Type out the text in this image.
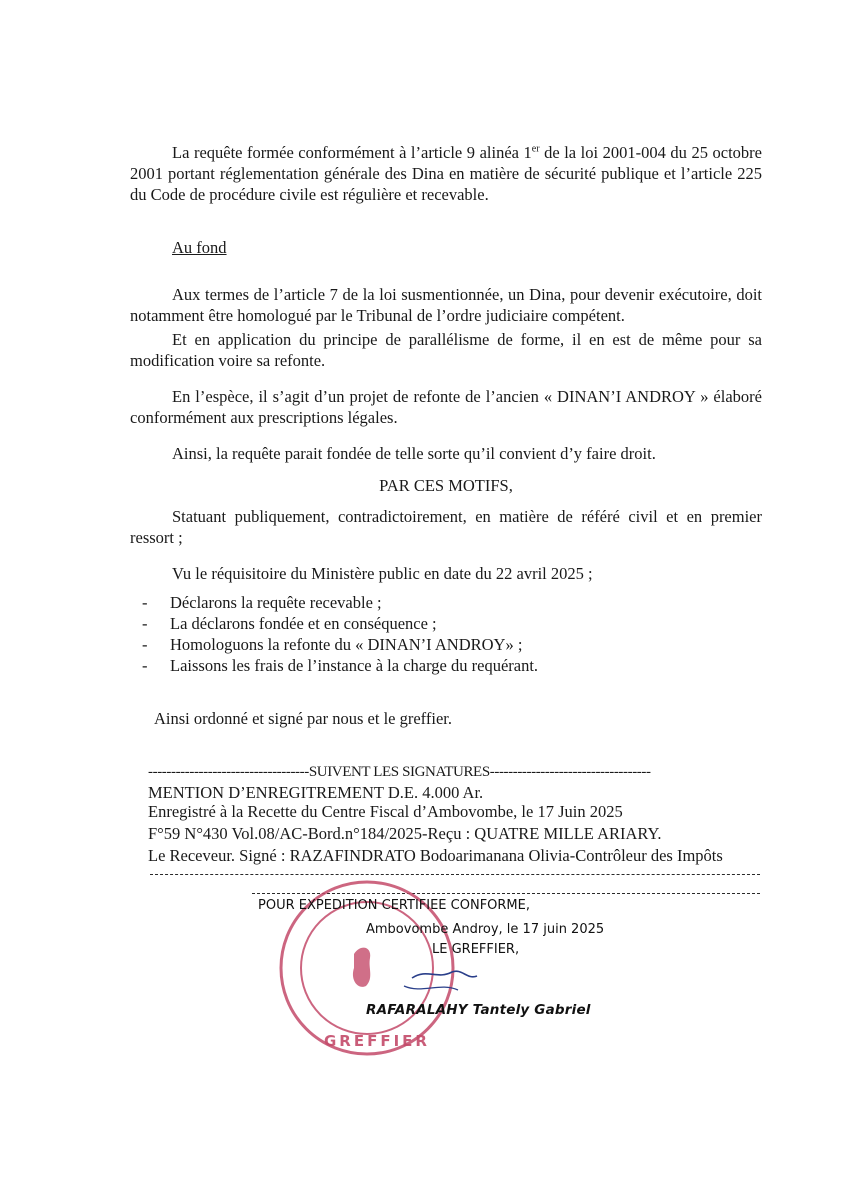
La requête formée conformément à l’article 9 alinéa 1er de la loi 2001-004 du 25 octobre 2001 portant réglementation générale des Dina en matière de sécurité publique et l’article 225 du Code de procédure civile est régulière et recevable.

Au fond

Aux termes de l’article 7 de la loi susmentionnée, un Dina, pour devenir exécutoire, doit notamment être homologué par le Tribunal de l’ordre judiciaire compétent.

Et en application du principe de parallélisme de forme, il en est de même pour sa modification voire sa refonte.

En l’espèce, il s’agit d’un projet de refonte de l’ancien « DINAN’I ANDROY » élaboré conformément aux prescriptions légales.

Ainsi, la requête parait fondée de telle sorte qu’il convient d’y faire droit.

PAR CES MOTIFS,

Statuant publiquement, contradictoirement, en matière de référé civil et en premier ressort ;

Vu le réquisitoire du Ministère public en date du 22 avril 2025 ;

- Déclarons la requête recevable ;
- La déclarons fondée et en conséquence ;
- Homologuons la refonte du « DINAN’I ANDROY» ;
- Laissons les frais de l’instance à la charge du requérant.

Ainsi ordonné et signé par nous et le greffier.

-----------------------------------SUIVENT LES SIGNATURES-----------------------------------
MENTION D’ENREGITREMENT D.E. 4.000 Ar.
Enregistré à la Recette du Centre Fiscal d’Ambovombe, le 17 Juin 2025
F°59 N°430 Vol.08/AC-Bord.n°184/2025-Reçu : QUATRE MILLE ARIARY.
Le Receveur. Signé : RAZAFINDRATO Bodoarimanana Olivia-Contrôleur des Impôts
GREFFIER
POUR EXPEDITION CERTIFIEE CONFORME,
Ambovombe Androy, le 17 juin 2025
LE GREFFIER,
RAFARALAHY Tantely Gabriel
